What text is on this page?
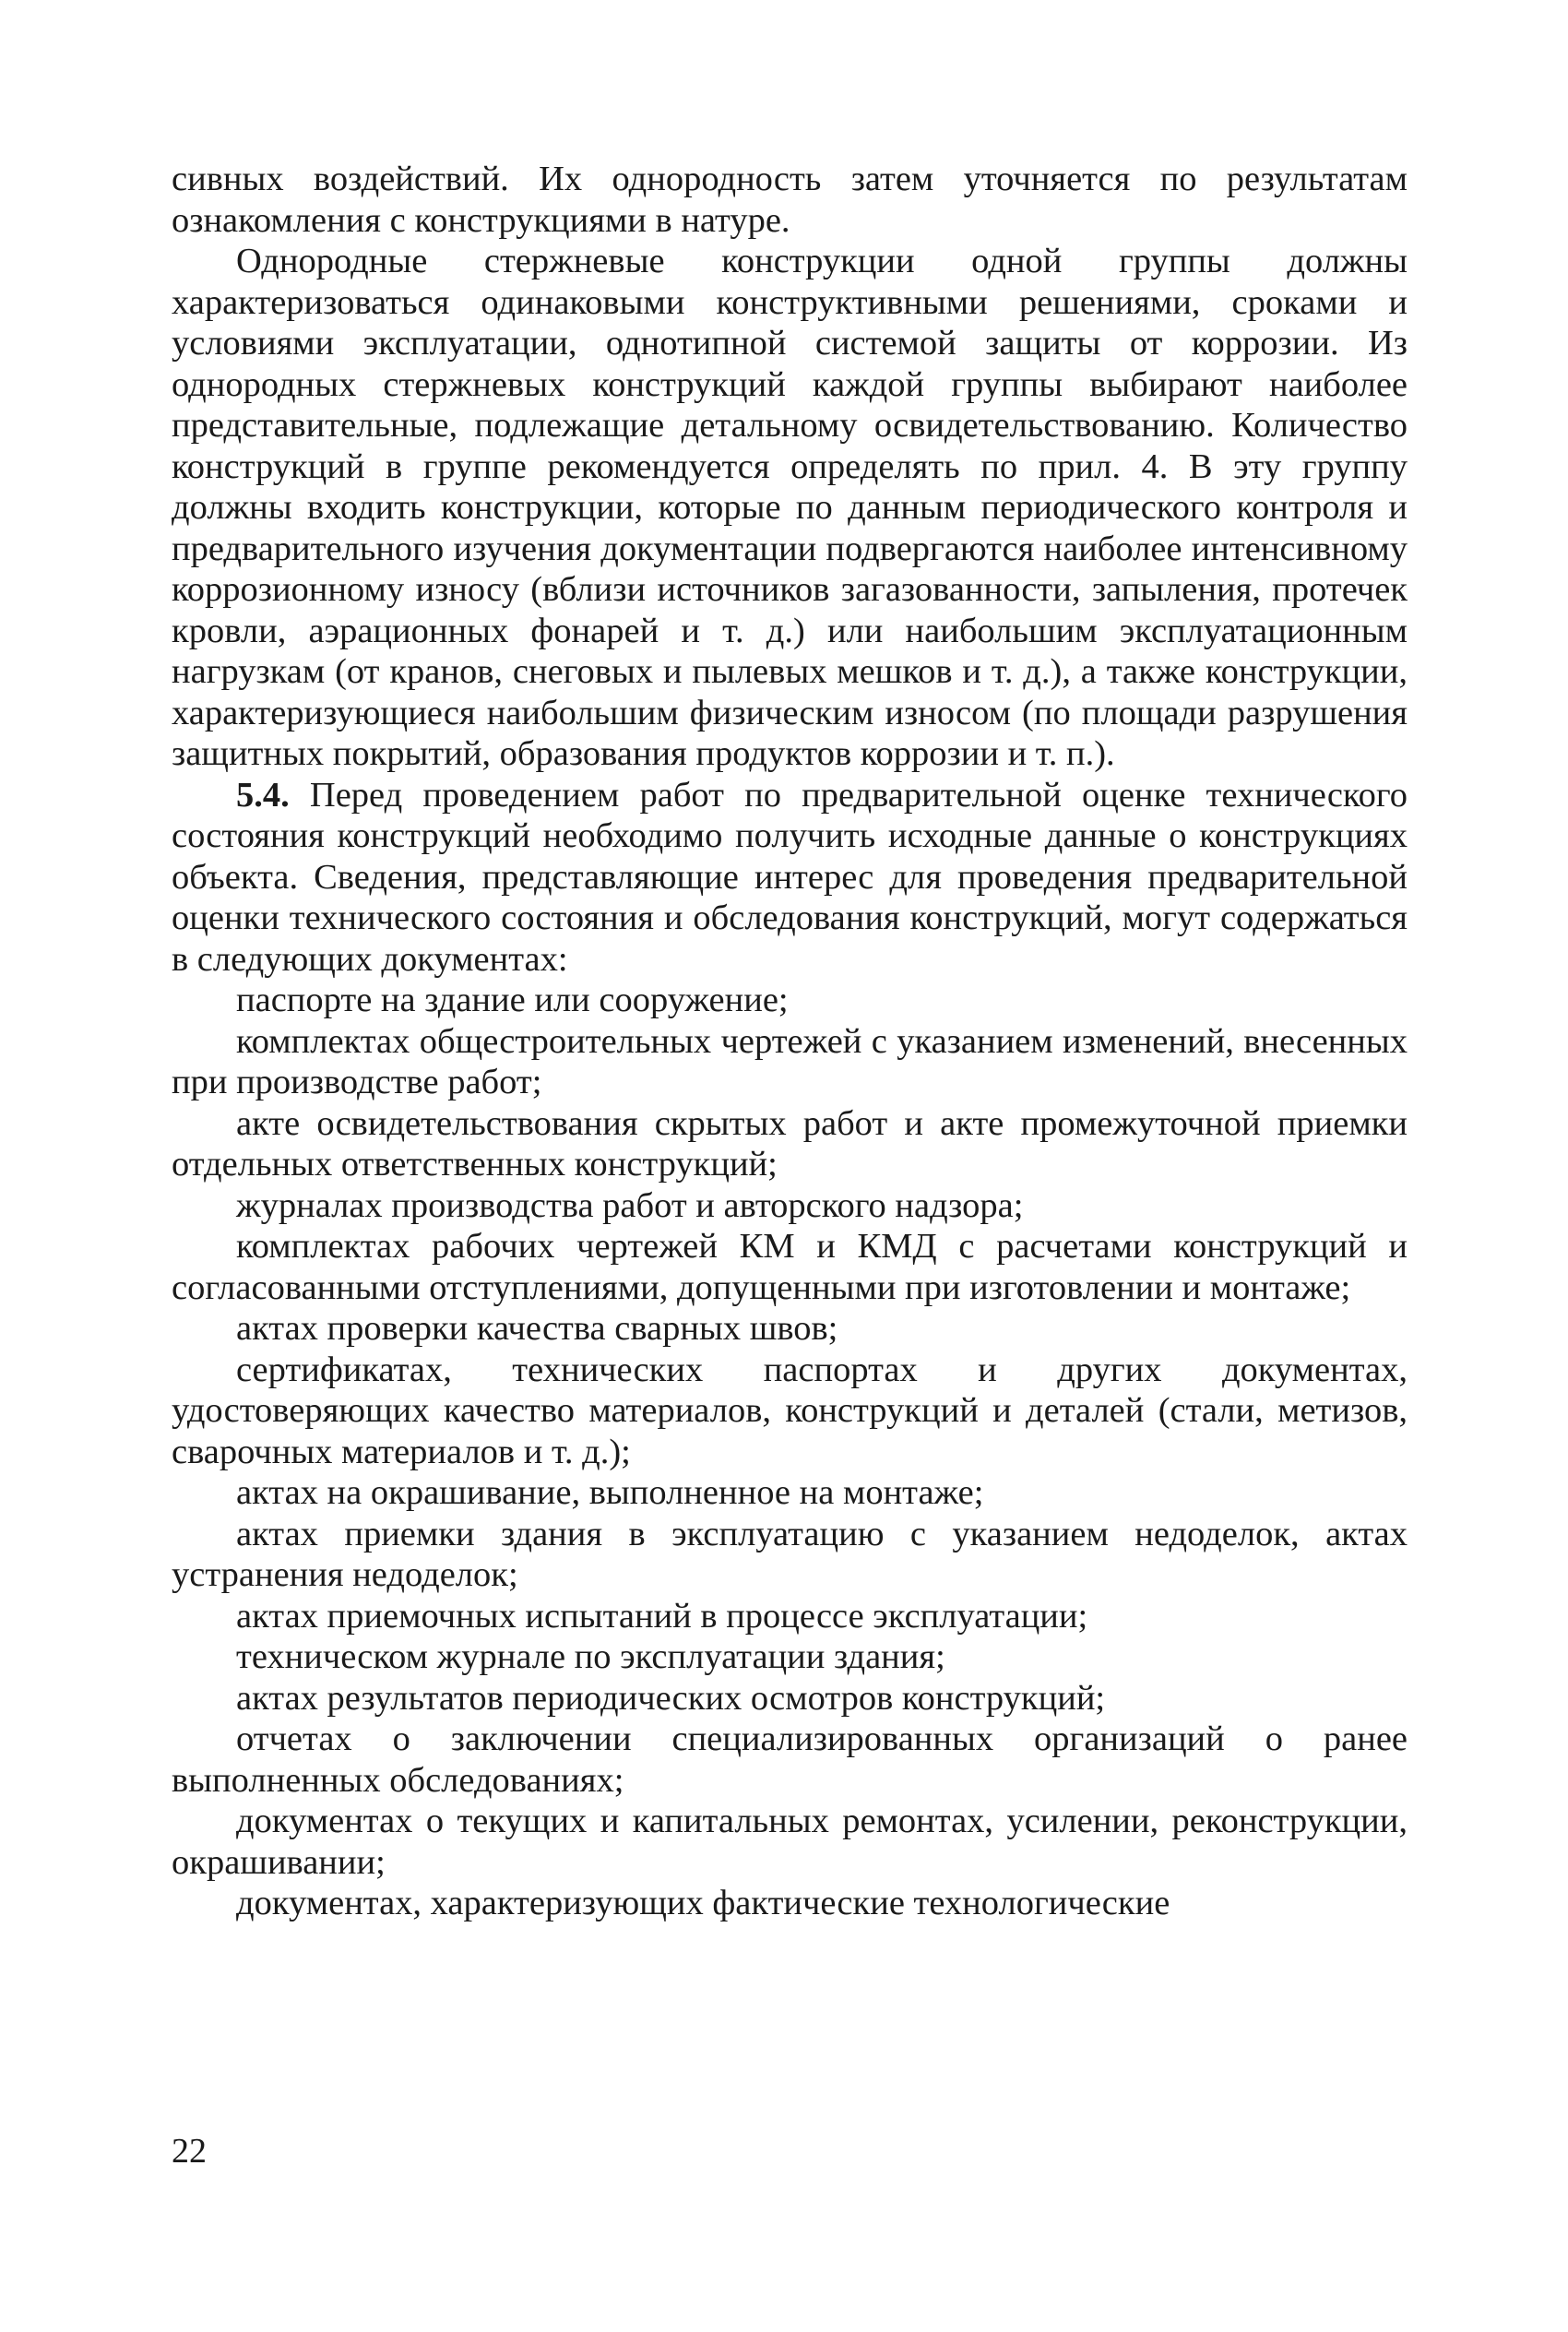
сивных воздействий. Их однородность затем уточняется по результатам ознакомления с конструкциями в натуре.

Однородные стержневые конструкции одной группы должны характеризоваться одинаковыми конструктивными решениями, сроками и условиями эксплуатации, однотипной системой защиты от коррозии. Из однородных стержневых конструкций каждой группы выбирают наиболее представительные, подлежащие детальному освидетельствованию. Количество конструкций в группе рекомендуется определять по прил. 4. В эту группу должны входить конструкции, которые по данным периодического контроля и предварительного изучения документации подвергаются наиболее интенсивному коррозионному износу (вблизи источников загазованности, запыления, протечек кровли, аэрационных фонарей и т. д.) или наибольшим эксплуатационным нагрузкам (от кранов, снеговых и пылевых мешков и т. д.), а также конструкции, характеризующиеся наибольшим физическим износом (по площади разрушения защитных покрытий, образования продуктов коррозии и т. п.).

5.4. Перед проведением работ по предварительной оценке технического состояния конструкций необходимо получить исходные данные о конструкциях объекта. Сведения, представляющие интерес для проведения предварительной оценки технического состояния и обследования конструкций, могут содержаться в следующих документах:

паспорте на здание или сооружение;

комплектах общестроительных чертежей с указанием изменений, внесенных при производстве работ;

акте освидетельствования скрытых работ и акте промежуточной приемки отдельных ответственных конструкций;

журналах производства работ и авторского надзора;

комплектах рабочих чертежей КМ и КМД с расчетами конструкций и согласованными отступлениями, допущенными при изготовлении и монтаже;

актах проверки качества сварных швов;

сертификатах, технических паспортах и других документах, удостоверяющих качество материалов, конструкций и деталей (стали, метизов, сварочных материалов и т. д.);

актах на окрашивание, выполненное на монтаже;

актах приемки здания в эксплуатацию с указанием недоделок, актах устранения недоделок;

актах приемочных испытаний в процессе эксплуатации;

техническом журнале по эксплуатации здания;

актах результатов периодических осмотров конструкций;

отчетах о заключении специализированных организаций о ранее выполненных обследованиях;

документах о текущих и капитальных ремонтах, усилении, реконструкции, окрашивании;

документах, характеризующих фактические технологические

22
